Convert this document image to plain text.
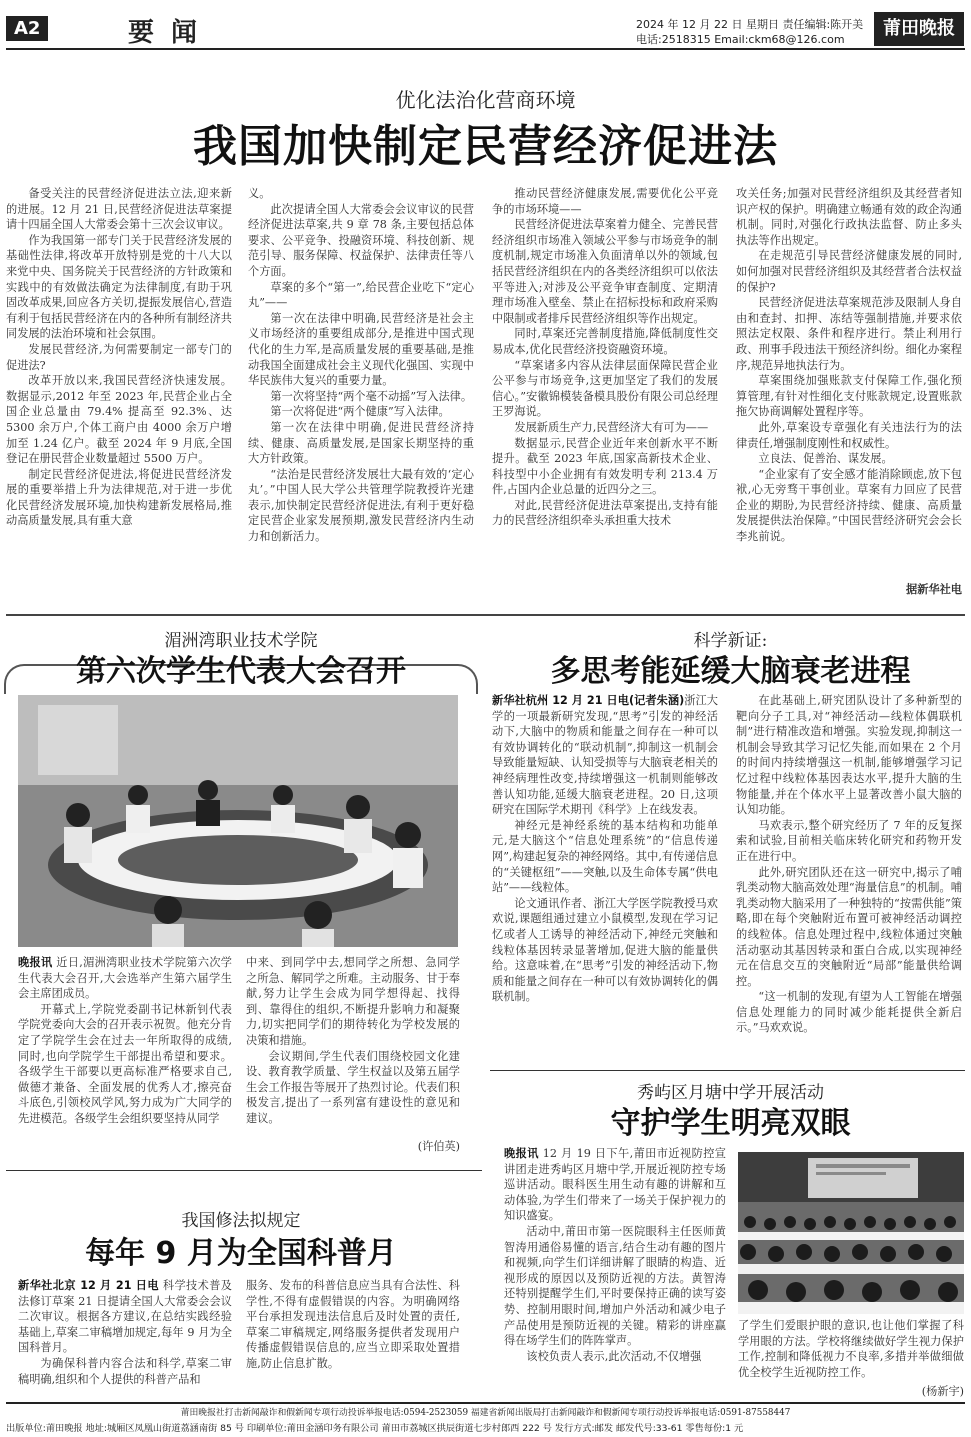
A2	要 闻	2024 年 12 月 22 日 星期日 责任编辑:陈开美
电话:2518315 Email:ckm68@126.com
莆田晚报
优化法治化营商环境
我国加快制定民营经济促进法

备受关注的民营经济促进法立法,迎来新的进展。12 月 21 日,民营经济促进法草案提请十四届全国人大常委会第十三次会议审议。

作为我国第一部专门关于民营经济发展的基础性法律,将改革开放特别是党的十八大以来党中央、国务院关于民营经济的方针政策和实践中的有效做法确定为法律制度,有助于巩固改革成果,回应各方关切,提振发展信心,营造有利于包括民营经济在内的各种所有制经济共同发展的法治环境和社会氛围。

发展民营经济,为何需要制定一部专门的促进法?

改革开放以来,我国民营经济快速发展。数据显示,2012 年至 2023 年,民营企业占全国企业总量由 79.4% 提高至 92.3%、达 5300 余万户,个体工商户由 4000 余万户增加至 1.24 亿户。截至 2024 年 9 月底,全国登记在册民营企业数量超过 5500 万户。

制定民营经济促进法,将促进民营经济发展的重要举措上升为法律规范,对于进一步优化民营经济发展环境,加快构建新发展格局,推动高质量发展,具有重大意

义。

此次提请全国人大常委会会议审议的民营经济促进法草案,共 9 章 78 条,主要包括总体要求、公平竞争、投融资环境、科技创新、规范引导、服务保障、权益保护、法律责任等八个方面。

草案的多个“第一”,给民营企业吃下“定心丸”——

第一次在法律中明确,民营经济是社会主义市场经济的重要组成部分,是推进中国式现代化的生力军,是高质量发展的重要基础,是推动我国全面建成社会主义现代化强国、实现中华民族伟大复兴的重要力量。

第一次将坚持“两个毫不动摇”写入法律。

第一次将促进“两个健康”写入法律。

第一次在法律中明确,促进民营经济持续、健康、高质量发展,是国家长期坚持的重大方针政策。

“法治是民营经济发展壮大最有效的‘定心丸’。”中国人民大学公共管理学院教授许光建表示,加快制定民营经济促进法,有利于更好稳定民营企业家发展预期,激发民营经济内生动力和创新活力。

推动民营经济健康发展,需要优化公平竞争的市场环境——

民营经济促进法草案着力健全、完善民营经济组织市场准入领域公平参与市场竞争的制度机制,规定市场准入负面清单以外的领域,包括民营经济组织在内的各类经济组织可以依法平等进入;对涉及公平竞争审查制度、定期清理市场准入壁垒、禁止在招标投标和政府采购中限制或者排斥民营经济组织等作出规定。

同时,草案还完善制度措施,降低制度性交易成本,优化民营经济投资融资环境。

“草案诸多内容从法律层面保障民营企业公平参与市场竞争,这更加坚定了我们的发展信心。”安徽锦模装备模具股份有限公司总经理王罗海说。

发展新质生产力,民营经济大有可为——

数据显示,民营企业近年来创新水平不断提升。截至 2023 年底,国家高新技术企业、科技型中小企业拥有有效发明专利 213.4 万件,占国内企业总量的近四分之三。

对此,民营经济促进法草案提出,支持有能力的民营经济组织牵头承担重大技术

攻关任务;加强对民营经济组织及其经营者知识产权的保护。明确建立畅通有效的政企沟通机制。同时,对强化行政执法监督、防止多头执法等作出规定。

在走规范引导民营经济健康发展的同时,如何加强对民营经济组织及其经营者合法权益的保护?

民营经济促进法草案规范涉及限制人身自由和查封、扣押、冻结等强制措施,并要求依照法定权限、条件和程序进行。禁止利用行政、刑事手段违法干预经济纠纷。细化办案程序,规范异地执法行为。

草案围绕加强账款支付保障工作,强化预算管理,有针对性细化支付账款规定,设置账款拖欠协商调解处置程序等。

此外,草案设专章强化有关违法行为的法律责任,增强制度刚性和权威性。

立良法、促善治、谋发展。

“企业家有了安全感才能消除顾虑,放下包袱,心无旁骛干事创业。草案有力回应了民营企业的期盼,为民营经济持续、健康、高质量发展提供法治保障。”中国民营经济研究会会长李兆前说。

据新华社电
湄洲湾职业技术学院
第六次学生代表大会召开

晚报讯 近日,湄洲湾职业技术学院第六次学生代表大会召开,大会选举产生第六届学生会主席团成员。

开幕式上,学院党委副书记林新钊代表学院党委向大会的召开表示祝贺。他充分肯定了学院学生会在过去一年所取得的成绩,同时,也向学院学生干部提出希望和要求。各级学生干部要以更高标准严格要求自己,做德才兼备、全面发展的优秀人才,擦亮奋斗底色,引领校风学风,努力成为广大同学的先进模范。各级学生会组织要坚持从同学

中来、到同学中去,想同学之所想、急同学之所急、解同学之所难。主动服务、甘于奉献,努力让学生会成为同学想得起、找得到、靠得住的组织,不断提升影响力和凝聚力,切实把同学们的期待转化为学校发展的决策和措施。

会议期间,学生代表们围绕校园文化建设、教育教学质量、学生权益以及第五届学生会工作报告等展开了热烈讨论。代表们积极发言,提出了一系列富有建设性的意见和建议。

(许伯英)
我国修法拟规定
每年 9 月为全国科普月

新华社北京 12 月 21 日电 科学技术普及法修订草案 21 日提请全国人大常委会会议二次审议。根据各方建议,在总结实践经验基础上,草案二审稿增加规定,每年 9 月为全国科普月。

为确保科普内容合法和科学,草案二审稿明确,组织和个人提供的科普产品和

服务、发布的科普信息应当具有合法性、科学性,不得有虚假错误的内容。为明确网络平台承担发现违法信息后及时处置的责任,草案二审稿规定,网络服务提供者发现用户传播虚假错误信息的,应当立即采取处置措施,防止信息扩散。

科学新证:
多思考能延缓大脑衰老进程

新华社杭州 12 月 21 日电(记者朱涵)浙江大学的一项最新研究发现,“思考”引发的神经活动下,大脑中的物质和能量之间存在一种可以有效协调转化的“联动机制”,抑制这一机制会导致能量短缺、认知受损等与大脑衰老相关的神经病理性改变,持续增强这一机制则能够改善认知功能,延缓大脑衰老进程。20 日,这项研究在国际学术期刊《科学》上在线发表。

神经元是神经系统的基本结构和功能单元,是大脑这个“信息处理系统”的“信息传递网”,构建起复杂的神经网络。其中,有传递信息的“关键枢纽”——突触,以及生命体专属“供电站”——线粒体。

论文通讯作者、浙江大学医学院教授马欢欢说,课题组通过建立小鼠模型,发现在学习记忆或者人工诱导的神经活动下,神经元突触和线粒体基因转录显著增加,促进大脑的能量供给。这意味着,在“思考”引发的神经活动下,物质和能量之间存在一种可以有效协调转化的偶联机制。

在此基础上,研究团队设计了多种新型的靶向分子工具,对“神经活动—线粒体偶联机制”进行精准改造和增强。实验发现,抑制这一机制会导致其学习记忆失能,而如果在 2 个月的时间内持续增强这一机制,能够增强学习记忆过程中线粒体基因表达水平,提升大脑的生物能量,并在个体水平上显著改善小鼠大脑的认知功能。

马欢表示,整个研究经历了 7 年的反复探索和试验,目前相关临床转化研究和药物开发正在进行中。

此外,研究团队还在这一研究中,揭示了哺乳类动物大脑高效处理“海量信息”的机制。哺乳类动物大脑采用了一种独特的“按需供能”策略,即在每个突触附近布置可被神经活动调控的线粒体。信息处理过程中,线粒体通过突触活动驱动其基因转录和蛋白合成,以实现神经元在信息交互的突触附近“局部”能量供给调控。

“这一机制的发现,有望为人工智能在增强信息处理能力的同时减少能耗提供全新启示。”马欢欢说。

秀屿区月塘中学开展活动
守护学生明亮双眼

晚报讯 12 月 19 日下午,莆田市近视防控宣讲团走进秀屿区月塘中学,开展近视防控专场巡讲活动。眼科医生用生动有趣的讲解和互动体验,为学生们带来了一场关于保护视力的知识盛宴。

活动中,莆田市第一医院眼科主任医师黄智涛用通俗易懂的语言,结合生动有趣的图片和视频,向学生们详细讲解了眼睛的构造、近视形成的原因以及预防近视的方法。黄智涛还特别提醒学生们,平时要保持正确的读写姿势、控制用眼时间,增加户外活动和减少电子产品使用是预防近视的关键。精彩的讲座赢得在场学生们的阵阵掌声。

该校负责人表示,此次活动,不仅增强

了学生们爱眼护眼的意识,也让他们掌握了科学用眼的方法。学校将继续做好学生视力保护工作,控制和降低视力不良率,多措并举做细做优全校学生近视防控工作。

(杨新宇)
莆田晚报社打击新闻敲诈和假新闻专项行动投诉举报电话:0594-2523059 福建省新闻出版局打击新闻敲诈和假新闻专项行动投诉举报电话:0591-87558447
出版单位:莆田晚报 地址:城厢区凤凰山街道荔涵南街 85 号 印刷单位:莆田金涵印务有限公司 莆田市荔城区拱辰街道七步村郎西 222 号 发行方式:邮发 邮发代号:33-61 零售每份:1 元
